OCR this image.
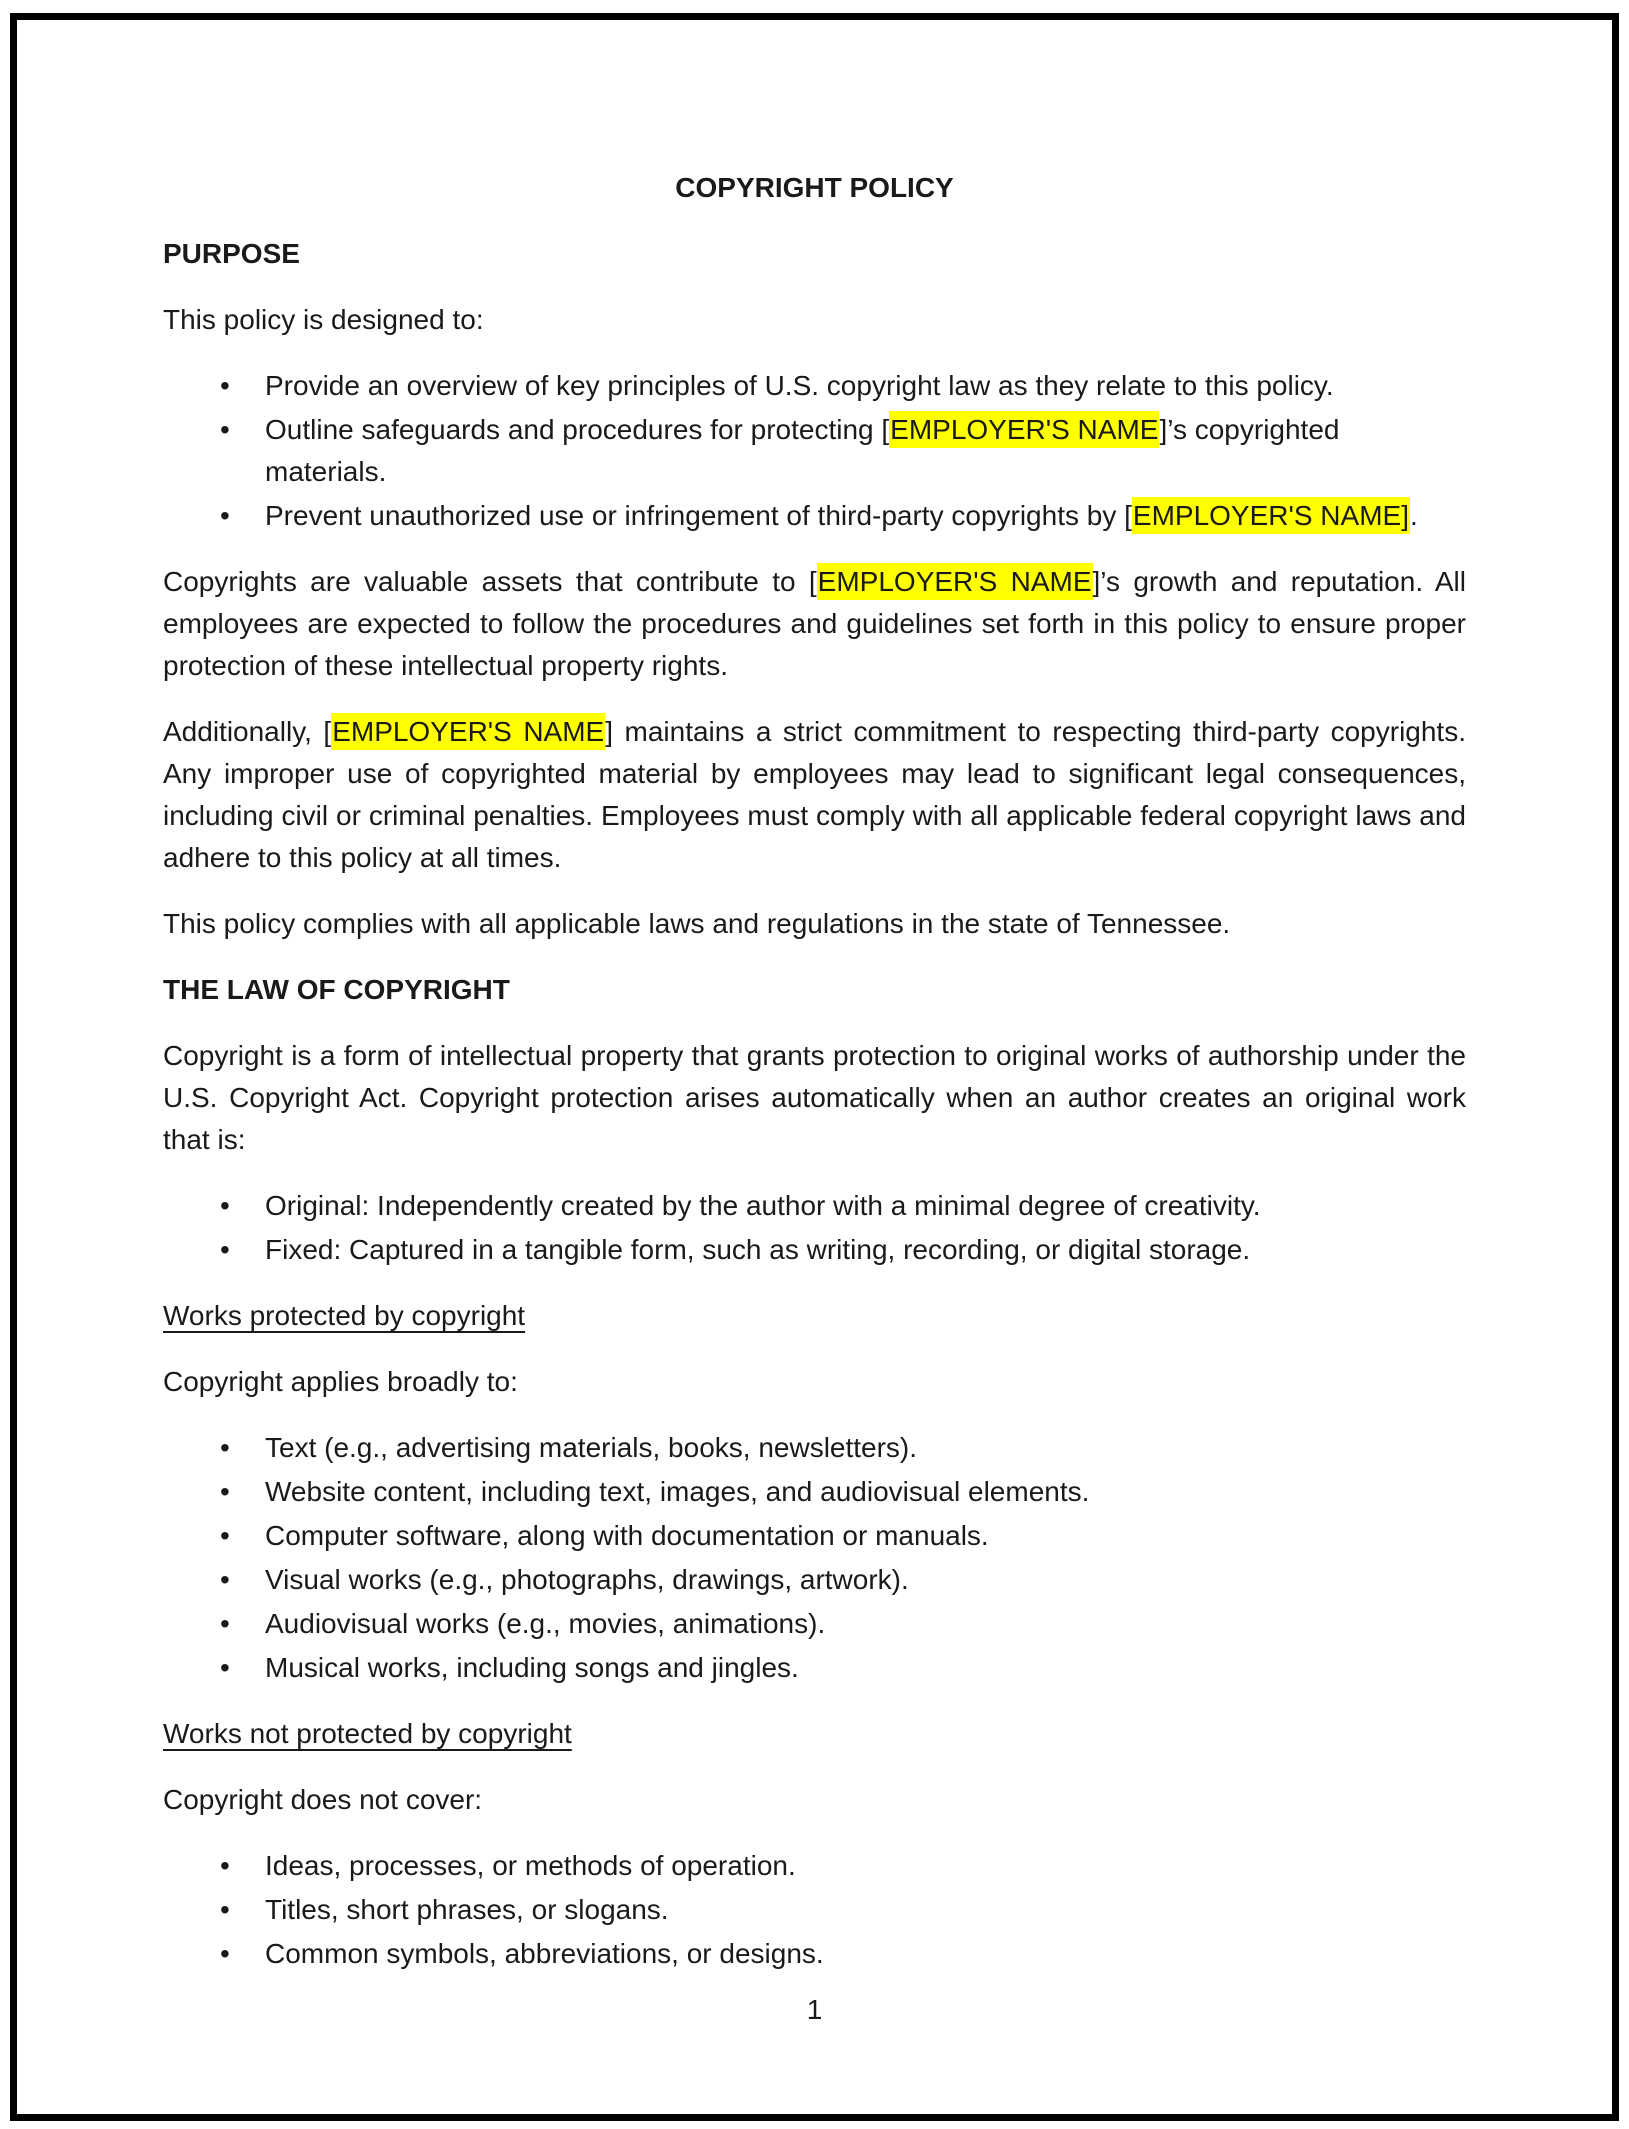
COPYRIGHT POLICY
PURPOSE

This policy is designed to:

• Provide an overview of key principles of U.S. copyright law as they relate to this policy.
• Outline safeguards and procedures for protecting [EMPLOYER'S NAME]’s copyrighted materials.
• Prevent unauthorized use or infringement of third-party copyrights by [EMPLOYER'S NAME].

Copyrights are valuable assets that contribute to [EMPLOYER'S NAME]’s growth and reputation. All employees are expected to follow the procedures and guidelines set forth in this policy to ensure proper protection of these intellectual property rights.

Additionally, [EMPLOYER'S NAME] maintains a strict commitment to respecting third-party copyrights. Any improper use of copyrighted material by employees may lead to significant legal consequences, including civil or criminal penalties. Employees must comply with all applicable federal copyright laws and adhere to this policy at all times.

This policy complies with all applicable laws and regulations in the state of Tennessee.

THE LAW OF COPYRIGHT

Copyright is a form of intellectual property that grants protection to original works of authorship under the U.S. Copyright Act. Copyright protection arises automatically when an author creates an original work that is:

• Original: Independently created by the author with a minimal degree of creativity.
• Fixed: Captured in a tangible form, such as writing, recording, or digital storage.
Works protected by copyright

Copyright applies broadly to:

• Text (e.g., advertising materials, books, newsletters).
• Website content, including text, images, and audiovisual elements.
• Computer software, along with documentation or manuals.
• Visual works (e.g., photographs, drawings, artwork).
• Audiovisual works (e.g., movies, animations).
• Musical works, including songs and jingles.
Works not protected by copyright

Copyright does not cover:

• Ideas, processes, or methods of operation.
• Titles, short phrases, or slogans.
• Common symbols, abbreviations, or designs.
1
